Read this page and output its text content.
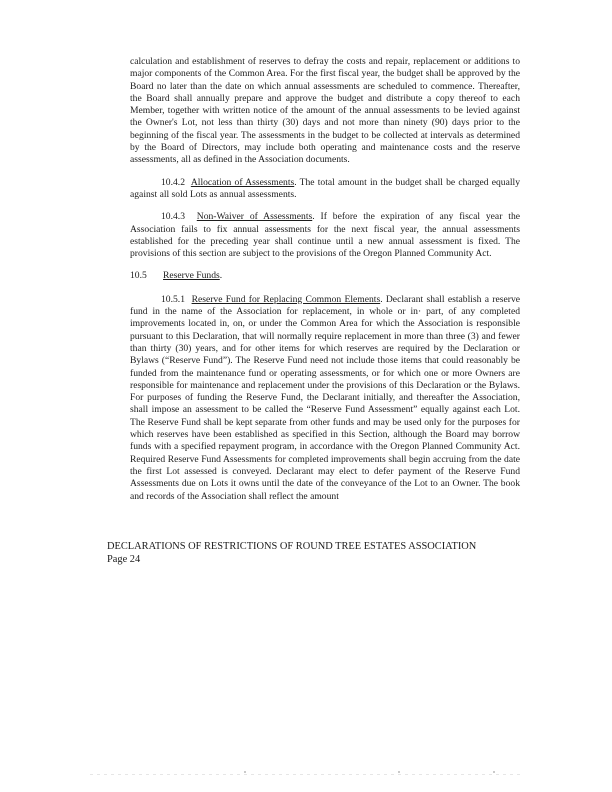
calculation and establishment of reserves to defray the costs and repair, replacement or additions to major components of the Common Area. For the first fiscal year, the budget shall be approved by the Board no later than the date on which annual assessments are scheduled to commence. Thereafter, the Board shall annually prepare and approve the budget and distribute a copy thereof to each Member, together with written notice of the amount of the annual assessments to be levied against the Owner's Lot, not less than thirty (30) days and not more than ninety (90) days prior to the beginning of the fiscal year. The assessments in the budget to be collected at intervals as determined by the Board of Directors, may include both operating and maintenance costs and the reserve assessments, all as defined in the Association documents.

10.4.2 Allocation of Assessments. The total amount in the budget shall be charged equally against all sold Lots as annual assessments.

10.4.3 Non-Waiver of Assessments. If before the expiration of any fiscal year the Association fails to fix annual assessments for the next fiscal year, the annual assessments established for the preceding year shall continue until a new annual assessment is fixed. The provisions of this section are subject to the provisions of the Oregon Planned Community Act.

10.5 Reserve Funds.

10.5.1 Reserve Fund for Replacing Common Elements. Declarant shall establish a reserve fund in the name of the Association for replacement, in whole or in· part, of any completed improvements located in, on, or under the Common Area for which the Association is responsible pursuant to this Declaration, that will normally require replacement in more than three (3) and fewer than thirty (30) years, and for other items for which reserves are required by the Declaration or Bylaws (“Reserve Fund”). The Reserve Fund need not include those items that could reasonably be funded from the maintenance fund or operating assessments, or for which one or more Owners are responsible for maintenance and replacement under the provisions of this Declaration or the Bylaws. For purposes of funding the Reserve Fund, the Declarant initially, and thereafter the Association, shall impose an assessment to be called the “Reserve Fund Assessment” equally against each Lot. The Reserve Fund shall be kept separate from other funds and may be used only for the purposes for which reserves have been established as specified in this Section, although the Board may borrow funds with a specified repayment program, in accordance with the Oregon Planned Community Act. Required Reserve Fund Assessments for completed improvements shall begin accruing from the date the first Lot assessed is conveyed. Declarant may elect to defer payment of the Reserve Fund Assessments due on Lots it owns until the date of the conveyance of the Lot to an Owner. The book and records of the Association shall reflect the amount

DECLARATIONS OF RESTRICTIONS OF ROUND TREE ESTATES ASSOCIATION
Page 24
